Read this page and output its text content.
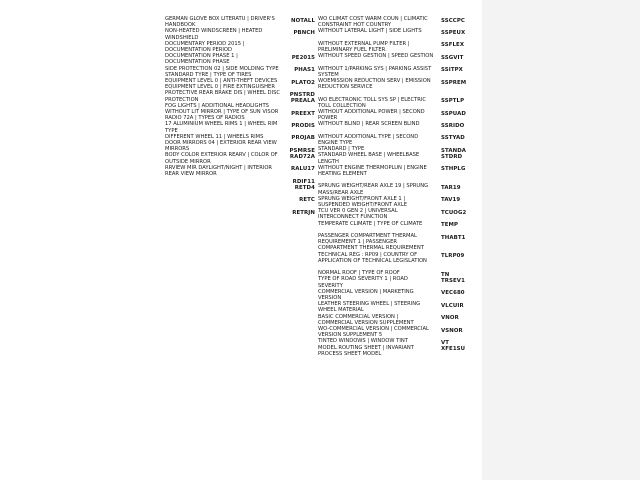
GERMAN GLOVE BOX LITERATU | DRIVER'S HANDBOOK
NON-HEATED WINDSCREEN | HEATED WINDSHIELD
DOCUMENTARY PERIOD 2015 |
DOCUMENTATION PERIOD
DOCUMENTATION PHASE 1 |
DOCUMENTATION PHASE
SIDE PROTECTION 02 | SIDE MOLDING TYPE
STANDARD TYRE | TYPE OF TIRES
EQUIPMENT LEVEL 0 | ANTI-THEFT DEVICES
EQUIPMENT LEVEL 0 | FIRE EXTINGUISHER
PROTECTIVE REAR BRAKE DIS | WHEEL DISC PROTECTION
FOG LIGHTS | ADDITIONAL HEADLIGHTS
WITHOUT LIT MIRROR | TYPE OF SUN VISOR
RADIO 72A | TYPES OF RADIOS
17 ALUMINIUM WHEEL RIMS 1 | WHEEL RIM TYPE
DIFFERENT WHEEL 11 | WHEELS RIMS
DOOR MIRRORS 04 | EXTERIOR REAR VIEW MIRRORS
BODY COLOR EXTERIOR REARV | COLOR OF OUTSIDE MIRROR
RRVIEW MIR DAYLIGHT/NIGHT | INTERIOR REAR VIEW MIRROR
NOTALL
PBNCH
PE2015
PHAS1
PLATO2
PNSTRD
PREALA
PREEXT
PRODIS
PROJAB
PSMRSE
RAD72A
RALU17
RDIF11
RETD4
RETC
RETRJN
WO CLIMAT COST WARM COUN | CLIMATIC CONSTRAINT HOT COUNTRY
WITHOUT LATERAL LIGHT | SIDE LIGHTS
WITHOUT EXTERNAL PUMP FILTER | PRELIMINARY FUEL FILTER.
WITHOUT SPEED GESTION | SPEED GESTION
WITHOUT 1/PARKING SYS | PARKING ASSIST SYSTEM
WOEMISSION REDUCTION SERV | EMISSION REDUCTION SERVICE
WO ELECTRONIC TOLL SYS SP | ELECTRIC TOLL COLLECTION
WITHOUT ADDITIONAL POWER | SECOND POWER
WITHOUT BLIND | REAR SCREEN BLIND
WITHOUT ADDITIONAL TYPE | SECOND ENGINE TYPE
STANDARD | TYPE
STANDARD WHEEL BASE | WHEELBASE LENGTH
WITHOUT ENGINE THERMOPLUN | ENGINE HEATING ELEMENT
SPRUNG WEIGHT/REAR AXLE 19 | SPRUNG MASS/REAR AXLE
SPRUNG WEIGHT/FRONT AXLE 1 | SUSPENDED WEIGHT/FRONT AXLE
TCU VER 0 GEN 2 | UNIVERSAL INTERCONNECT FUNCTION
TEMPERATE CLIMATE | TYPE OF CLIMATE
PASSENGER COMPARTMENT THERMAL REQUIREMENT 1 | PASSENGER COMPARTMENT THERMAL REQUIREMENT
TECHNICAL REG : RP09 | COUNTRY OF APPLICATION OF TECHNICAL LEGISLATION
NORMAL ROOF | TYPE OF ROOF
TYPE OF ROAD SEVERITY 1 | ROAD SEVERITY
COMMERCIAL VERSION | MARKETING VERSION
LEATHER STEERING WHEEL | STEERING WHEEL MATERIAL
BASIC COMMERCIAL VERSION | COMMERCIAL VERSION SUPPLEMENT
WO-COMMERCIAL VERSION | COMMERCIAL VERSION SUPPLEMENT 5
TINTED WINDOWS | WINDOW TINT
MODEL ROUTING SHEET | INVARIANT PROCESS SHEET MODEL
SSCCPC
SSPEUX
SSFLEX
SSGVIT
SSITPX
SSPREM
SSPTLP
SSPUAD
SSRIDO
SSTYAD
STANDA
STDRD
STHPLG
TAR19
TAV19
TCUOG2
TEMP
THABT1
TLRP09
TN
TRSEV1
VEC680
VLCUIR
VNOR
VSNOR
VT
XFE1SU
